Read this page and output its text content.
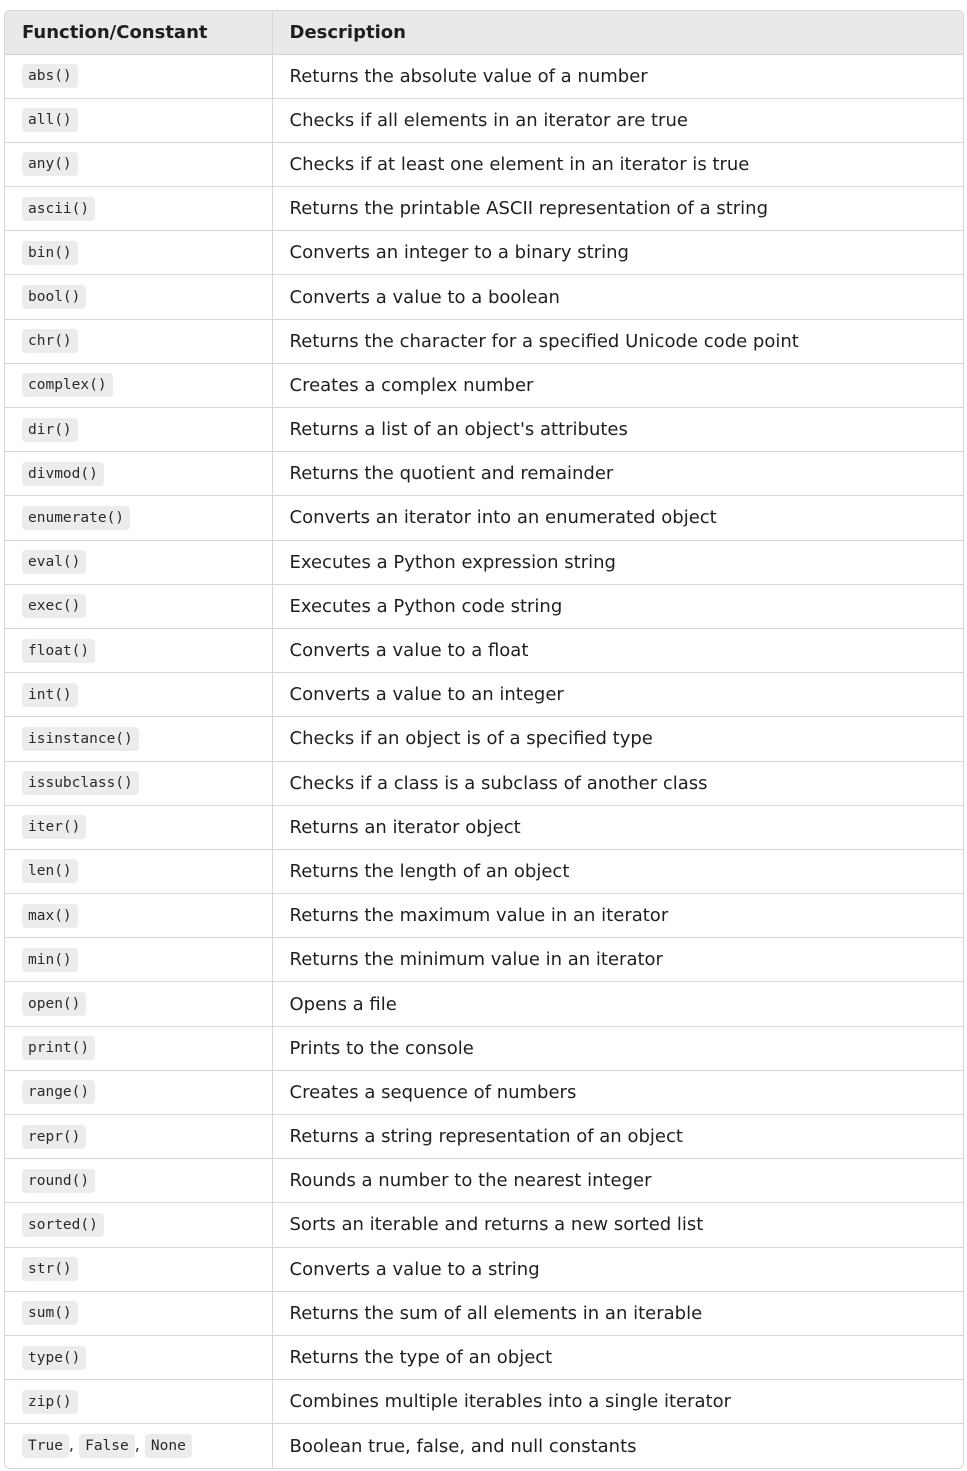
Function/Constant	Description
abs()	Returns the absolute value of a number
all()	Checks if all elements in an iterator are true
any()	Checks if at least one element in an iterator is true
ascii()	Returns the printable ASCII representation of a string
bin()	Converts an integer to a binary string
bool()	Converts a value to a boolean
chr()	Returns the character for a specified Unicode code point
complex()	Creates a complex number
dir()	Returns a list of an object's attributes
divmod()	Returns the quotient and remainder
enumerate()	Converts an iterator into an enumerated object
eval()	Executes a Python expression string
exec()	Executes a Python code string
float()	Converts a value to a float
int()	Converts a value to an integer
isinstance()	Checks if an object is of a specified type
issubclass()	Checks if a class is a subclass of another class
iter()	Returns an iterator object
len()	Returns the length of an object
max()	Returns the maximum value in an iterator
min()	Returns the minimum value in an iterator
open()	Opens a file
print()	Prints to the console
range()	Creates a sequence of numbers
repr()	Returns a string representation of an object
round()	Rounds a number to the nearest integer
sorted()	Sorts an iterable and returns a new sorted list
str()	Converts a value to a string
sum()	Returns the sum of all elements in an iterable
type()	Returns the type of an object
zip()	Combines multiple iterables into a single iterator
True , False , None	Boolean true, false, and null constants
